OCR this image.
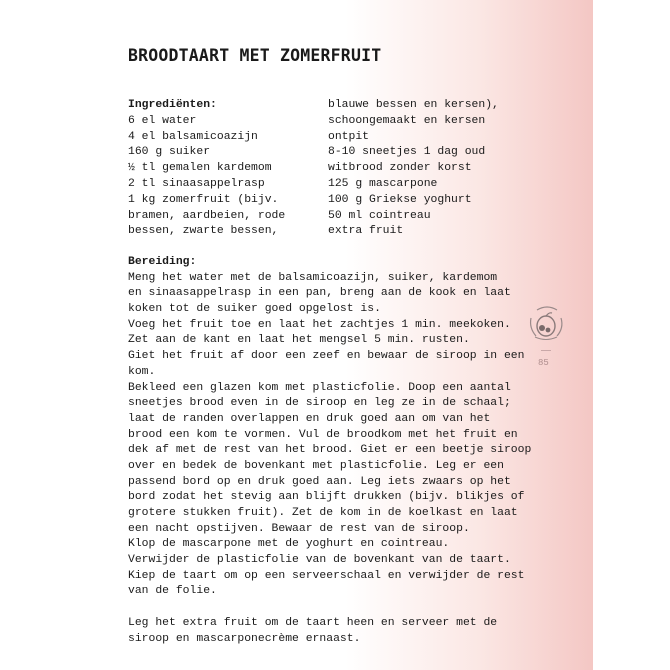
BROODTAART MET ZOMERFRUIT
Ingrediënten:
6 el water
4 el balsamicoazijn
160 g suiker
½ tl gemalen kardemom
2 tl sinaasappelrasp
1 kg zomerfruit (bijv.
bramen, aardbeien, rode
bessen, zwarte bessen,
blauwe bessen en kersen),
schoongemaakt en kersen
ontpit
8-10 sneetjes 1 dag oud
witbrood zonder korst
125 g mascarpone
100 g Griekse yoghurt
50 ml cointreau
extra fruit
Bereiding:
Meng het water met de balsamicoazijn, suiker, kardemom
en sinaasappelrasp in een pan, breng aan de kook en laat
koken tot de suiker goed opgelost is.
Voeg het fruit toe en laat het zachtjes 1 min. meekoken.
Zet aan de kant en laat het mengsel 5 min. rusten.
Giet het fruit af door een zeef en bewaar de siroop in een
kom.
Bekleed een glazen kom met plasticfolie. Doop een aantal
sneetjes brood even in de siroop en leg ze in de schaal;
laat de randen overlappen en druk goed aan om van het
brood een kom te vormen. Vul de broodkom met het fruit en
dek af met de rest van het brood. Giet er een beetje siroop
over en bedek de bovenkant met plasticfolie. Leg er een
passend bord op en druk goed aan. Leg iets zwaars op het
bord zodat het stevig aan blijft drukken (bijv. blikjes of
grotere stukken fruit). Zet de kom in de koelkast en laat
een nacht opstijven. Bewaar de rest van de siroop.
Klop de mascarpone met de yoghurt en cointreau.
Verwijder de plasticfolie van de bovenkant van de taart.
Kiep de taart om op een serveerschaal en verwijder de rest
van de folie.
Leg het extra fruit om de taart heen en serveer met de
siroop en mascarponecrème ernaast.
85
